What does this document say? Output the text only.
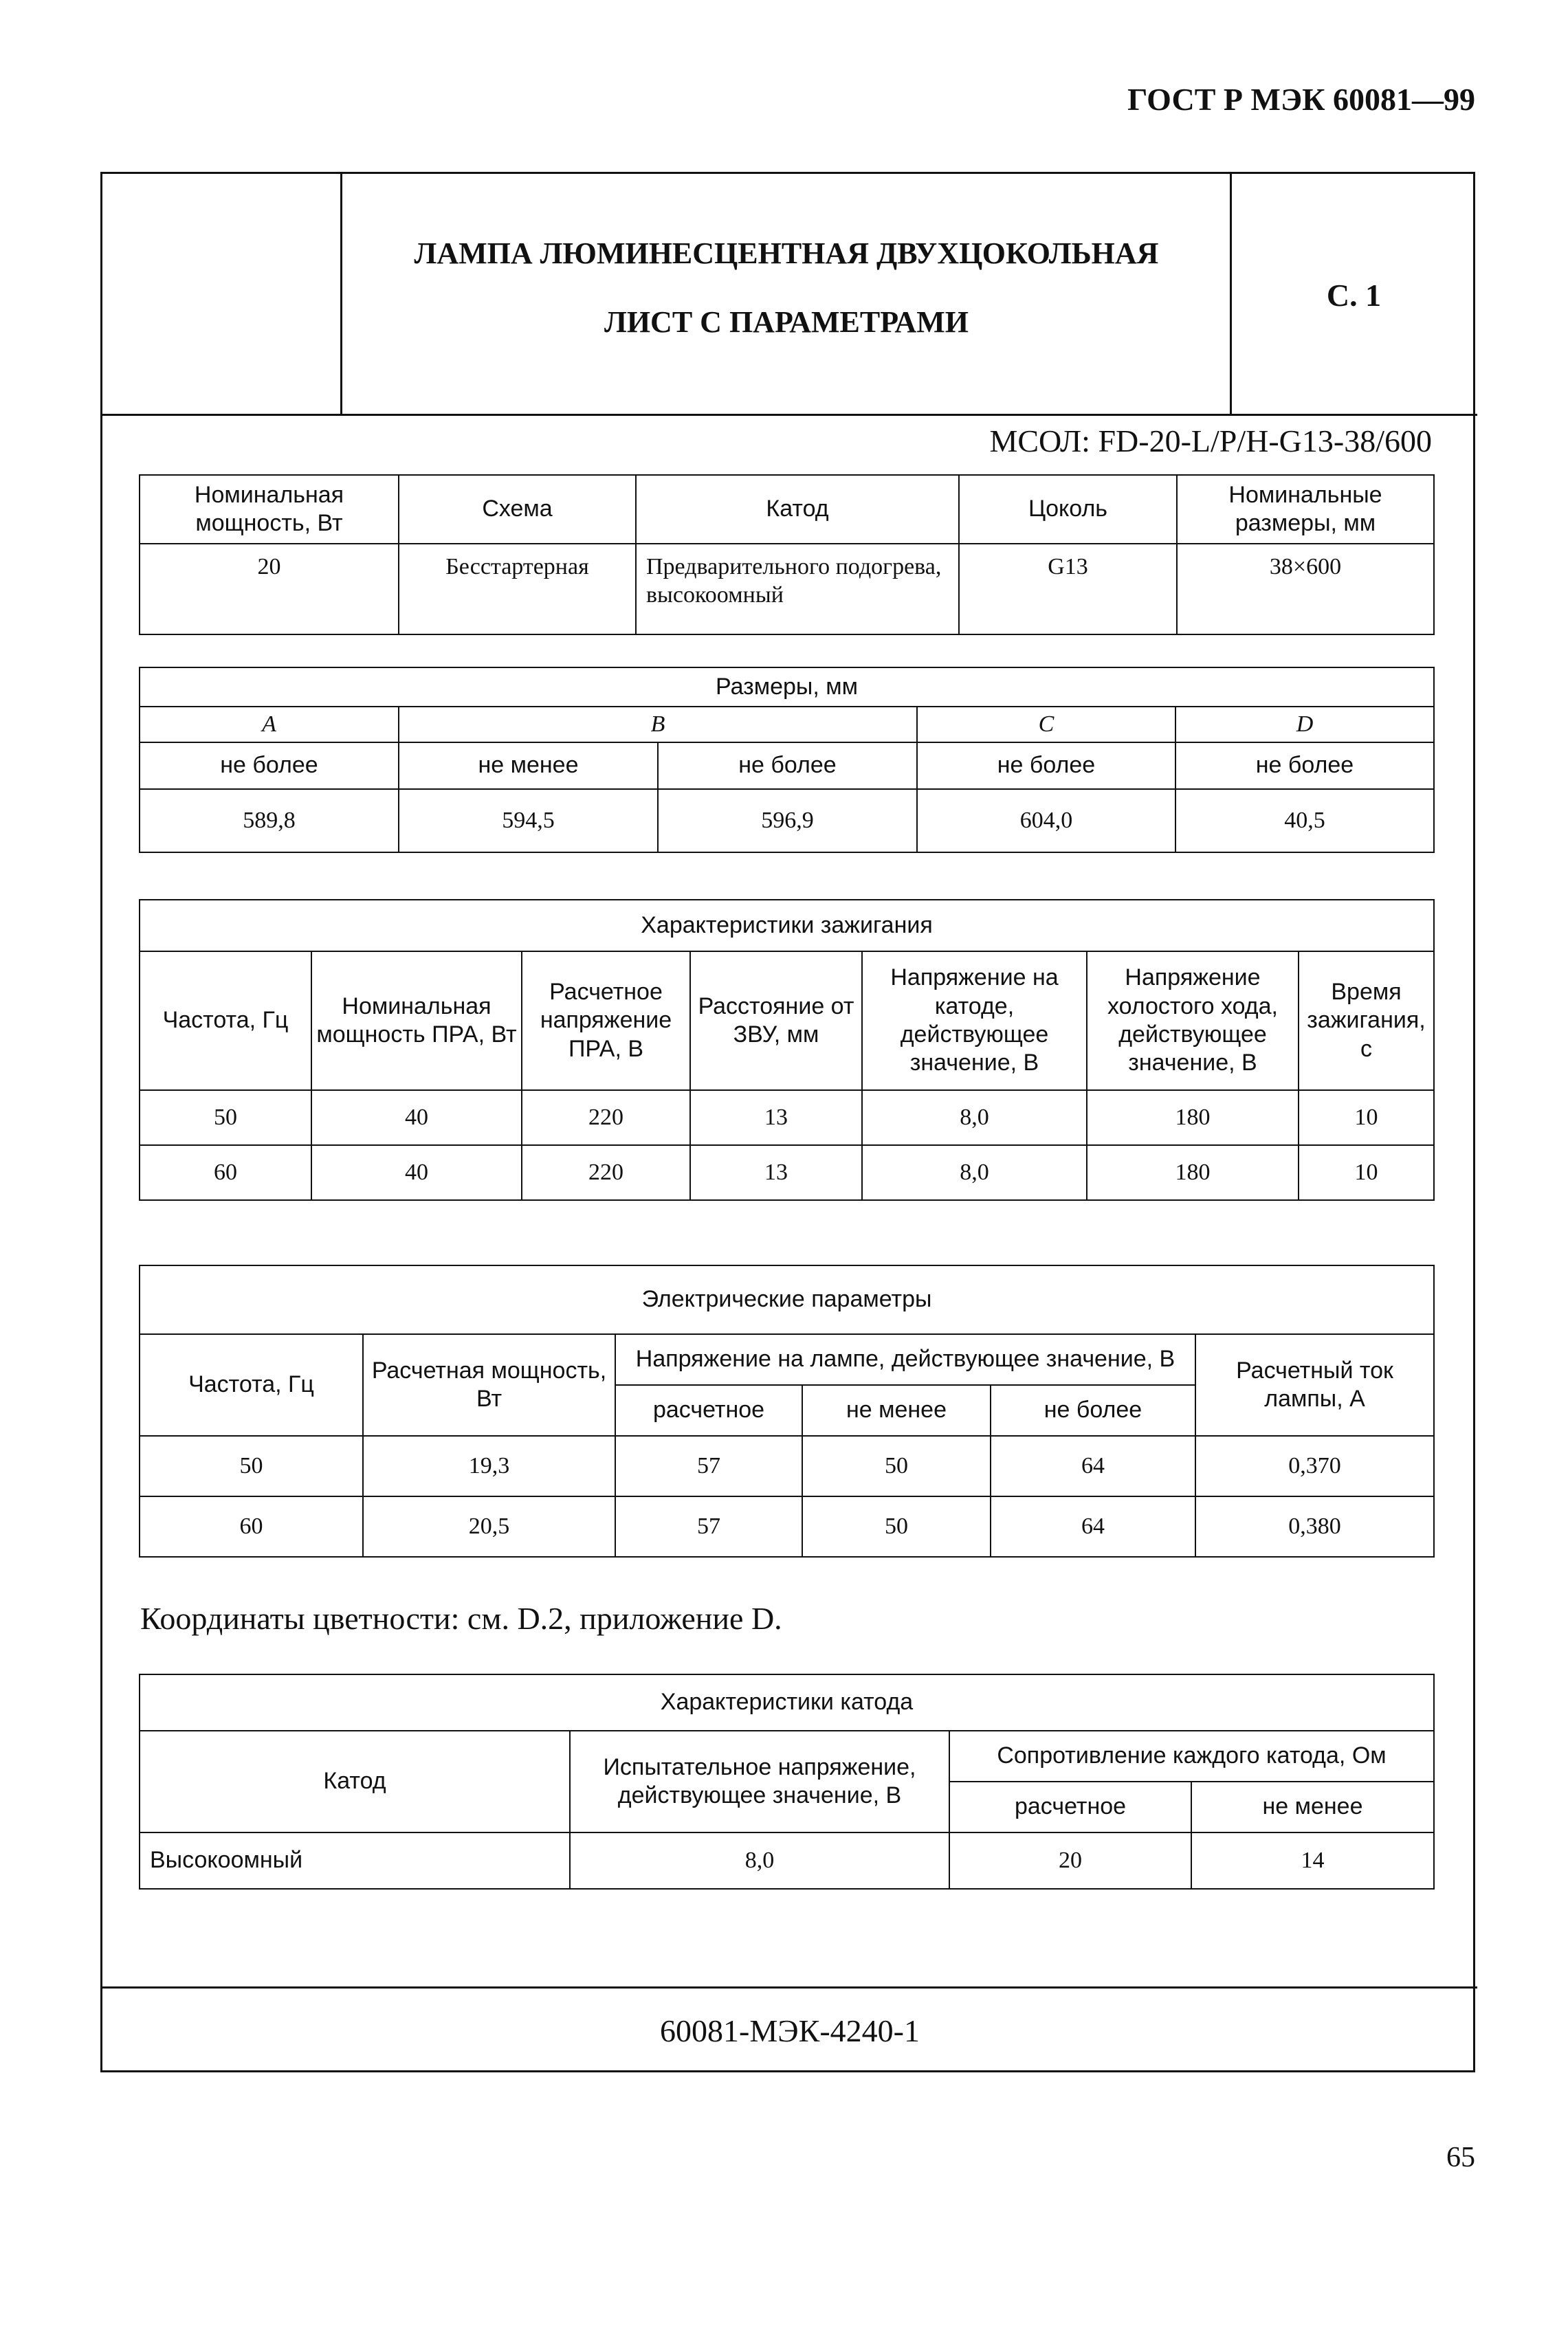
ГОСТ Р МЭК 60081—99
ЛАМПА ЛЮМИНЕСЦЕНТНАЯ ДВУХЦОКОЛЬНАЯ
ЛИСТ С ПАРАМЕТРАМИ
С. 1
МСОЛ: FD-20-L/P/H-G13-38/600
Координаты цветности: см. D.2, приложение D.
60081-МЭК-4240-1
Номинальная мощность, Вт	Схема	Катод	Цоколь	Номинальные размеры, мм
20	Бесстартерная	Предварительного подогрева, высокоомный	G13	38×600
Размеры, мм				
A	B		C	D
не более	не менее	не более	не более	не более
589,8	594,5	596,9	604,0	40,5
Характеристики зажигания						
Частота, Гц	Номинальная мощность ПРА, Вт	Расчетное напряжение ПРА, В	Расстояние от ЗВУ, мм	Напряжение на катоде, действующее значение, В	Напряжение холостого хода, действующее значение, В	Время зажигания, с
50	40	220	13	8,0	180	10
60	40	220	13	8,0	180	10
Электрические параметры					
Частота, Гц	Расчетная мощность, Вт	Напряжение на лампе, действующее значение, В			Расчетный ток лампы, А
		расчетное	не менее	не более	
50	19,3	57	50	64	0,370
60	20,5	57	50	64	0,380
Характеристики катода			
Катод	Испытательное напряжение, действующее значение, В	Сопротивление каждого катода, Ом	
		расчетное	не менее
Высокоомный	8,0	20	14
65
